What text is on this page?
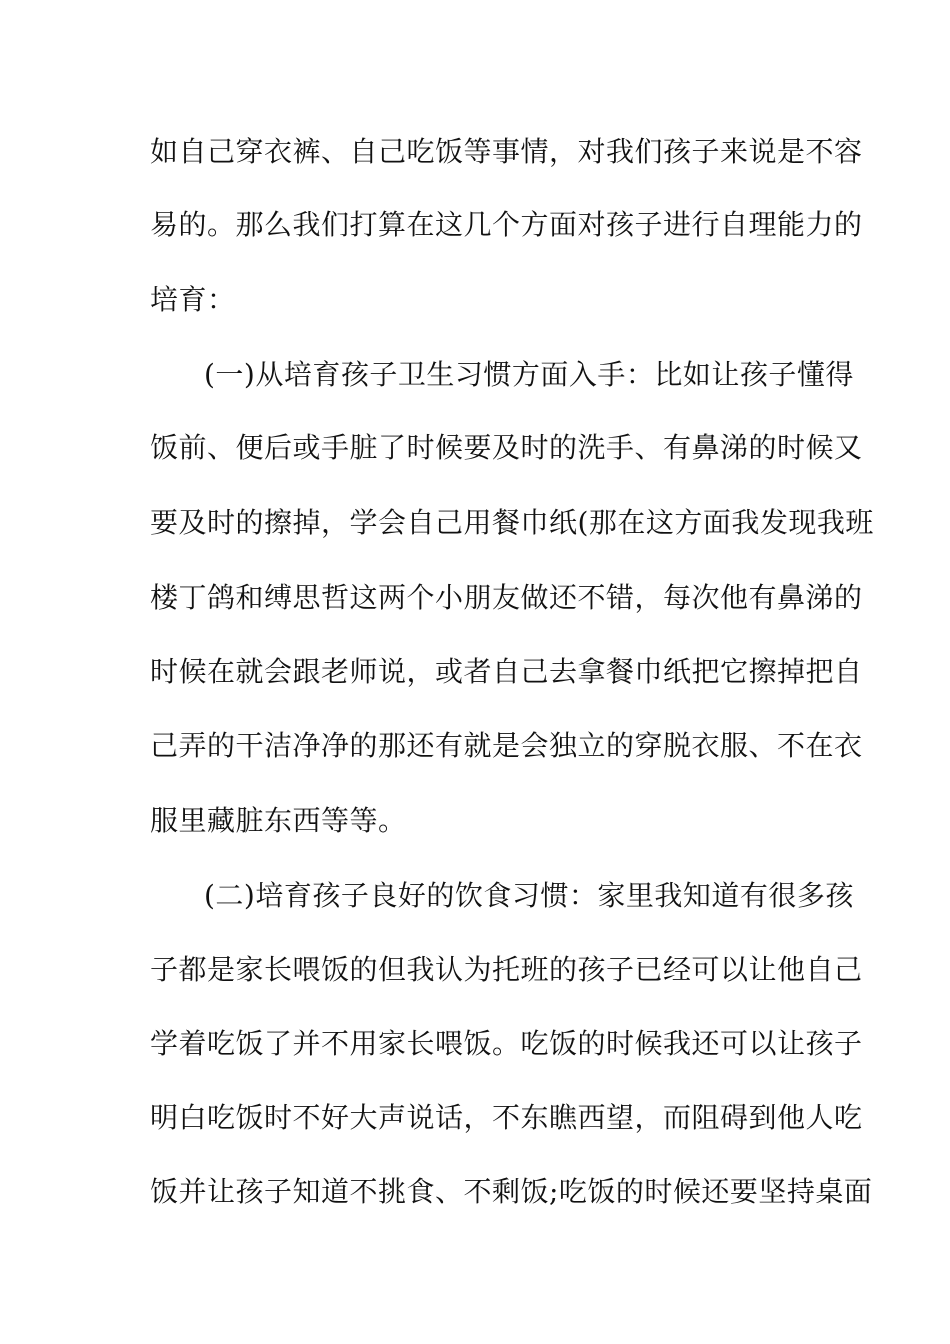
如自己穿衣裤、自己吃饭等事情，对我们孩子来说是不容
易的。那么我们打算在这几个方面对孩子进行自理能力的
培育：
(一)从培育孩子卫生习惯方面入手：比如让孩子懂得
饭前、便后或手脏了时候要及时的洗手、有鼻涕的时候又
要及时的擦掉，学会自己用餐巾纸(那在这方面我发现我班
楼丁鸽和缚思哲这两个小朋友做还不错，每次他有鼻涕的
时候在就会跟老师说，或者自己去拿餐巾纸把它擦掉把自
己弄的干洁净净的那还有就是会独立的穿脱衣服、不在衣
服里藏脏东西等等。
(二)培育孩子良好的饮食习惯：家里我知道有很多孩
子都是家长喂饭的但我认为托班的孩子已经可以让他自己
学着吃饭了并不用家长喂饭。吃饭的时候我还可以让孩子
明白吃饭时不好大声说话，不东瞧西望，而阻碍到他人吃
饭并让孩子知道不挑食、不剩饭;吃饭的时候还要坚持桌面
